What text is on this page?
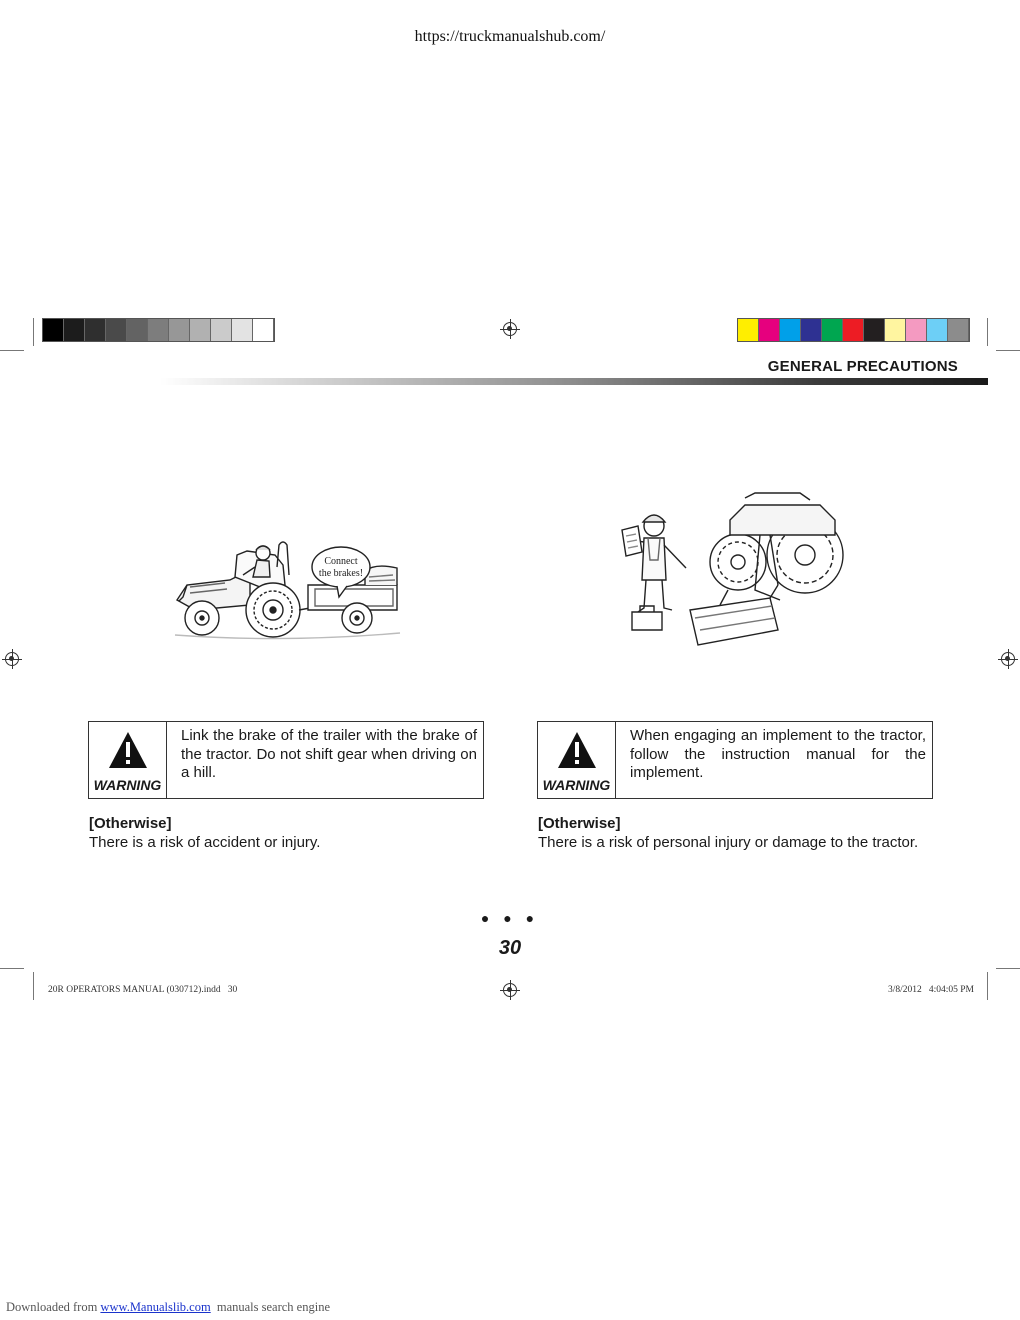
https://truckmanualshub.com/
GENERAL PRECAUTIONS
Connect the brakes!
WARNING
Link the brake of the trailer with the brake of the tractor. Do not shift gear when driving on a hill.
[Otherwise]
There is a risk of accident or injury.
WARNING
When engaging an implement to the tractor, follow the instruction manual for the implement.
[Otherwise]
There is a risk of personal injury or damage to the tractor.
● ● ●
30
20R OPERATORS MANUAL (030712).indd   30	3/8/2012   4:04:05 PM
Downloaded from www.Manualslib.com manuals search engine
